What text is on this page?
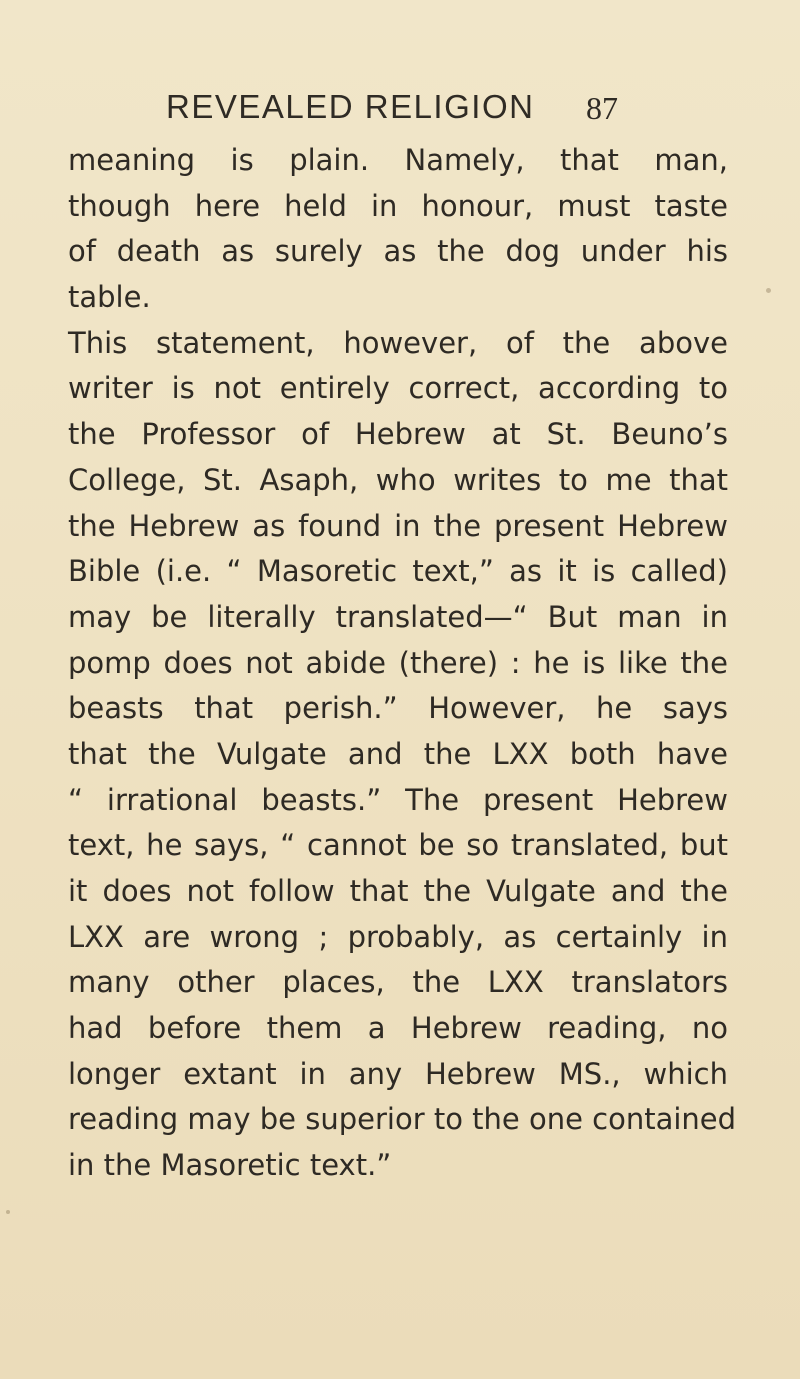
REVEALED RELIGION 87
meaning is plain. Namely, that man,
though here held in honour, must taste
of death as surely as the dog under his
table.
This statement, however, of the above
writer is not entirely correct, according to
the Professor of Hebrew at St. Beuno’s
College, St. Asaph, who writes to me that
the Hebrew as found in the present Hebrew
Bible (i.e. “ Masoretic text,” as it is called)
may be literally translated—“ But man in
pomp does not abide (there) : he is like the
beasts that perish.” However, he says
that the Vulgate and the LXX both have
“ irrational beasts.” The present Hebrew
text, he says, “ cannot be so translated, but
it does not follow that the Vulgate and the
LXX are wrong ; probably, as certainly in
many other places, the LXX translators
had before them a Hebrew reading, no
longer extant in any Hebrew MS., which
reading may be superior to the one contained
in the Masoretic text.”
